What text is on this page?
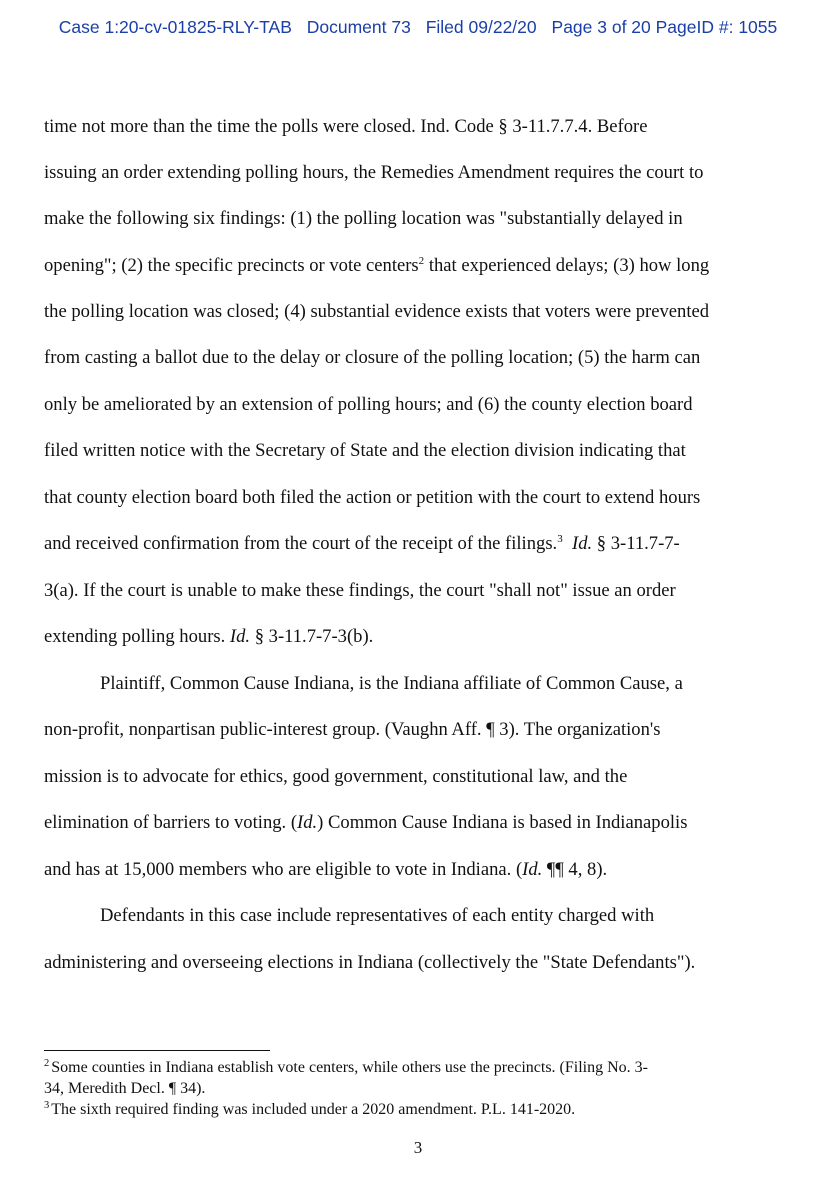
Case 1:20-cv-01825-RLY-TAB Document 73 Filed 09/22/20 Page 3 of 20 PageID #: 1055
time not more than the time the polls were closed. Ind. Code § 3-11.7.7.4. Before
issuing an order extending polling hours, the Remedies Amendment requires the court to
make the following six findings: (1) the polling location was "substantially delayed in
opening"; (2) the specific precincts or vote centers$^2$ that experienced delays; (3) how long
the polling location was closed; (4) substantial evidence exists that voters were prevented
from casting a ballot due to the delay or closure of the polling location; (5) the harm can
only be ameliorated by an extension of polling hours; and (6) the county election board
filed written notice with the Secretary of State and the election division indicating that
that county election board both filed the action or petition with the court to extend hours
and received confirmation from the court of the receipt of the filings.$^3$ Id. § 3-11.7-7-
3(a). If the court is unable to make these findings, the court "shall not" issue an order
extending polling hours. Id. § 3-11.7-7-3(b).
Plaintiff, Common Cause Indiana, is the Indiana affiliate of Common Cause, a
non-profit, nonpartisan public-interest group. (Vaughn Aff. ¶ 3). The organization's
mission is to advocate for ethics, good government, constitutional law, and the
elimination of barriers to voting. (Id.) Common Cause Indiana is based in Indianapolis
and has at 15,000 members who are eligible to vote in Indiana. (Id. ¶¶ 4, 8).
Defendants in this case include representatives of each entity charged with
administering and overseeing elections in Indiana (collectively the "State Defendants").
$^2$ Some counties in Indiana establish vote centers, while others use the precincts. (Filing No. 3-
34, Meredith Decl. ¶ 34).
$^3$ The sixth required finding was included under a 2020 amendment. P.L. 141-2020.
3
